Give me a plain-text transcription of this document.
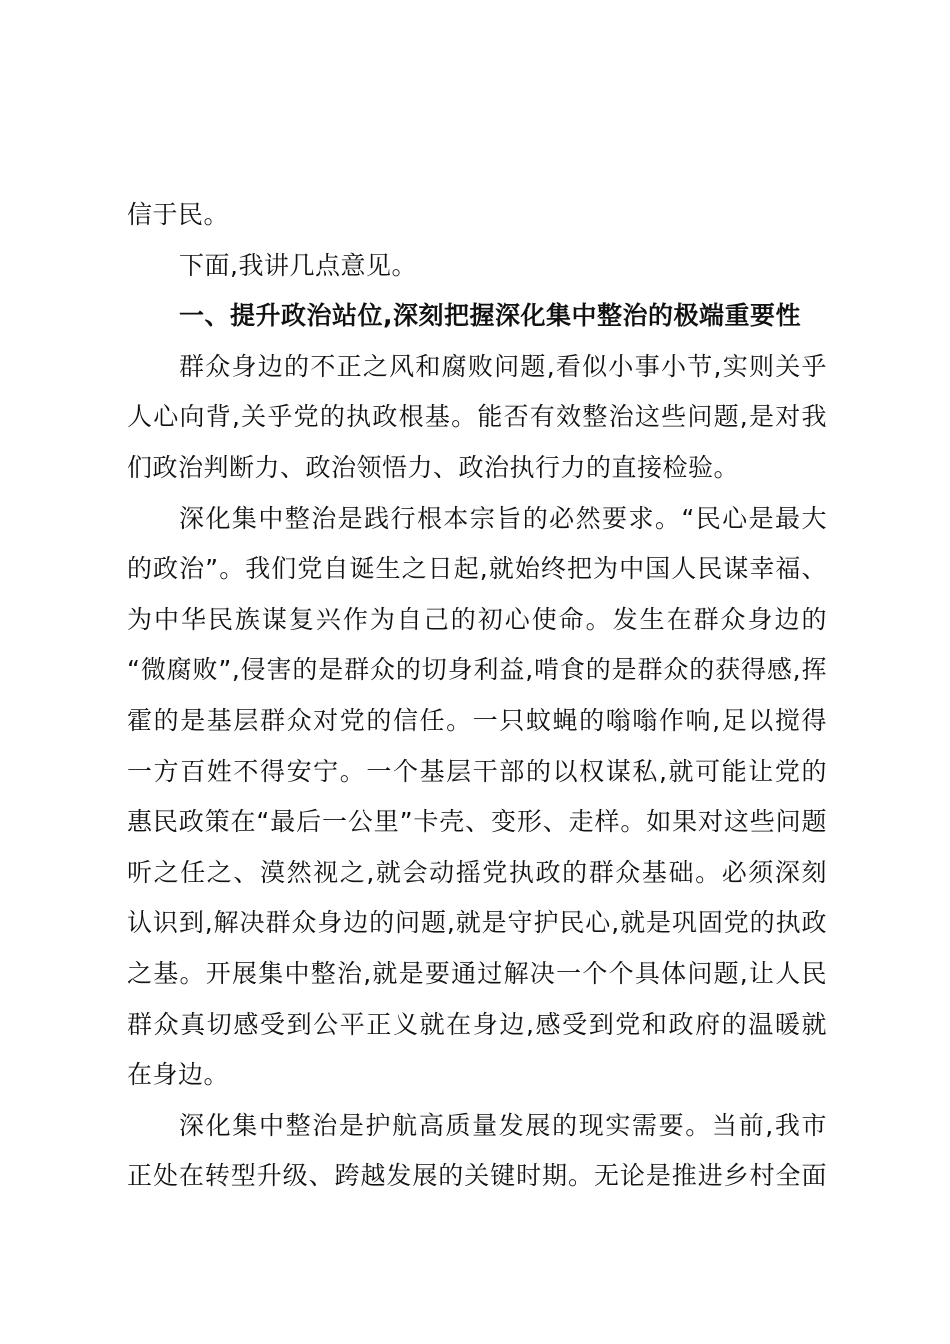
信于民。
下面,我讲几点意见。
一、提升政治站位,深刻把握深化集中整治的极端重要性
群众身边的不正之风和腐败问题,看似小事小节,实则关乎
人心向背,关乎党的执政根基。能否有效整治这些问题,是对我
们政治判断力、政治领悟力、政治执行力的直接检验。
深化集中整治是践行根本宗旨的必然要求。“民心是最大
的政治”。我们党自诞生之日起,就始终把为中国人民谋幸福、
为中华民族谋复兴作为自己的初心使命。发生在群众身边的
“微腐败”,侵害的是群众的切身利益,啃食的是群众的获得感,挥
霍的是基层群众对党的信任。一只蚊蝇的嗡嗡作响,足以搅得
一方百姓不得安宁。一个基层干部的以权谋私,就可能让党的
惠民政策在“最后一公里”卡壳、变形、走样。如果对这些问题
听之任之、漠然视之,就会动摇党执政的群众基础。必须深刻
认识到,解决群众身边的问题,就是守护民心,就是巩固党的执政
之基。开展集中整治,就是要通过解决一个个具体问题,让人民
群众真切感受到公平正义就在身边,感受到党和政府的温暖就
在身边。
深化集中整治是护航高质量发展的现实需要。当前,我市
正处在转型升级、跨越发展的关键时期。无论是推进乡村全面
